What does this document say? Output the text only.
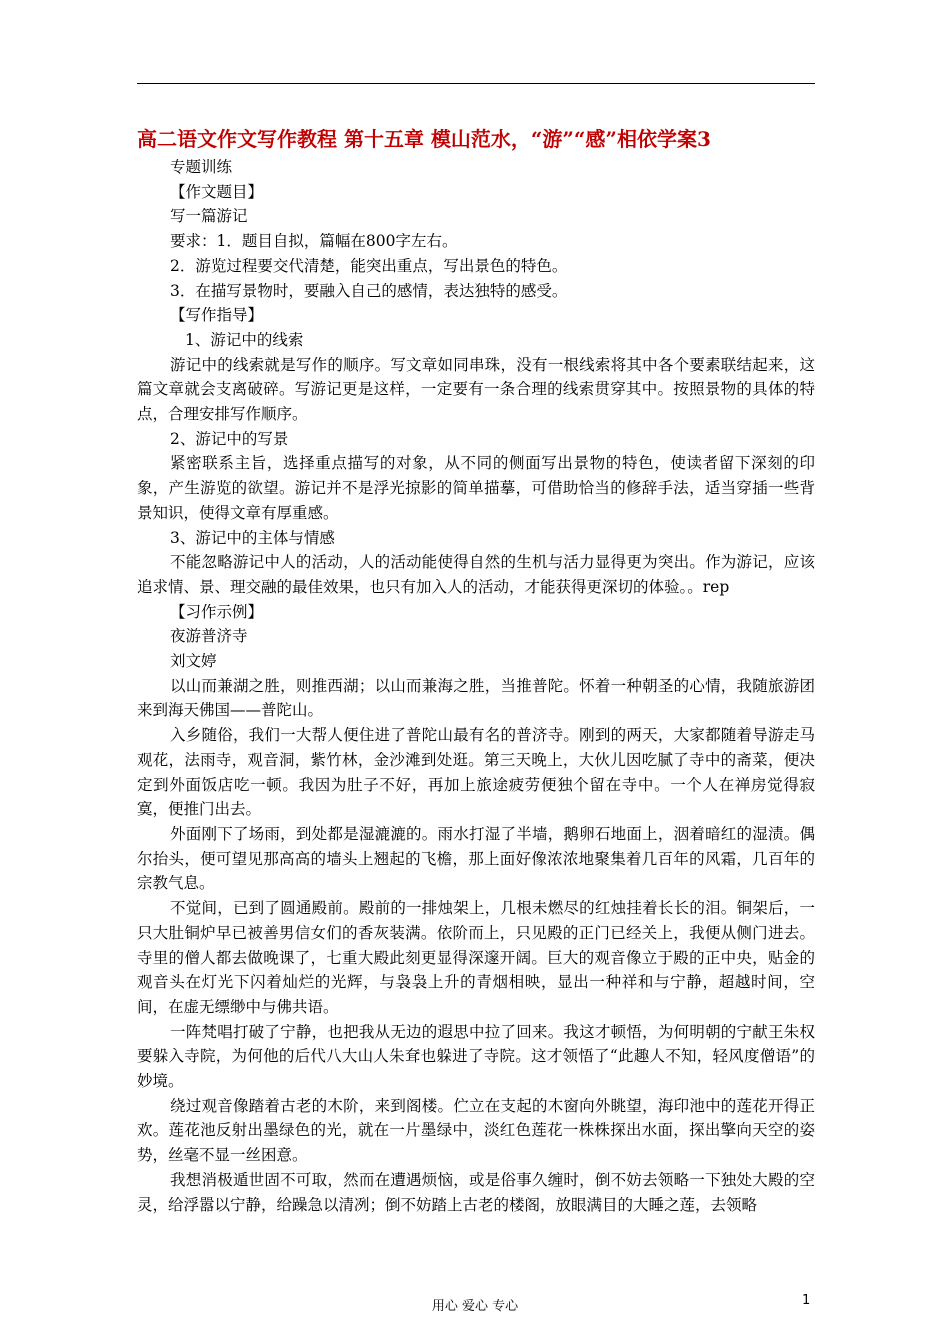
高二语文作文写作教程 第十五章 模山范水，“游”“感”相依学案3

专题训练

【作文题目】

写一篇游记

要求：1．题目自拟，篇幅在800字左右。

2．游览过程要交代清楚，能突出重点，写出景色的特色。

3．在描写景物时，要融入自己的感情，表达独特的感受。

【写作指导】

1、游记中的线索

游记中的线索就是写作的顺序。写文章如同串珠，没有一根线索将其中各个要素联结起来，这篇文章就会支离破碎。写游记更是这样，一定要有一条合理的线索贯穿其中。按照景物的具体的特点，合理安排写作顺序。

2、游记中的写景

紧密联系主旨，选择重点描写的对象，从不同的侧面写出景物的特色，使读者留下深刻的印象，产生游览的欲望。游记并不是浮光掠影的简单描摹，可借助恰当的修辞手法，适当穿插一些背景知识，使得文章有厚重感。

3、游记中的主体与情感

不能忽略游记中人的活动，人的活动能使得自然的生机与活力显得更为突出。作为游记，应该追求情、景、理交融的最佳效果，也只有加入人的活动，才能获得更深切的体验。。rep

【习作示例】

夜游普济寺

刘文婷

以山而兼湖之胜，则推西湖；以山而兼海之胜，当推普陀。怀着一种朝圣的心情，我随旅游团来到海天佛国——普陀山。

入乡随俗，我们一大帮人便住进了普陀山最有名的普济寺。刚到的两天，大家都随着导游走马观花，法雨寺，观音洞，紫竹林，金沙滩到处逛。第三天晚上，大伙儿因吃腻了寺中的斋菜，便决定到外面饭店吃一顿。我因为肚子不好，再加上旅途疲劳便独个留在寺中。一个人在禅房觉得寂寞，便推门出去。

外面刚下了场雨，到处都是湿漉漉的。雨水打湿了半墙，鹅卵石地面上，洇着暗红的湿渍。偶尔抬头，便可望见那高高的墙头上翘起的飞檐，那上面好像浓浓地聚集着几百年的风霜，几百年的宗教气息。

不觉间，已到了圆通殿前。殿前的一排烛架上，几根未燃尽的红烛挂着长长的泪。铜架后，一只大肚铜炉早已被善男信女们的香灰装满。依阶而上，只见殿的正门已经关上，我便从侧门进去。寺里的僧人都去做晚课了，七重大殿此刻更显得深邃开阔。巨大的观音像立于殿的正中央，贴金的观音头在灯光下闪着灿烂的光辉，与袅袅上升的青烟相映，显出一种祥和与宁静，超越时间，空间，在虚无缥缈中与佛共语。

一阵梵唱打破了宁静，也把我从无边的遐思中拉了回来。我这才顿悟，为何明朝的宁献王朱权要躲入寺院，为何他的后代八大山人朱耷也躲进了寺院。这才领悟了“此趣人不知，轻风度僧语”的妙境。

绕过观音像踏着古老的木阶，来到阁楼。伫立在支起的木窗向外眺望，海印池中的莲花开得正欢。莲花池反射出墨绿色的光，就在一片墨绿中，淡红色莲花一株株探出水面，探出擎向天空的姿势，丝毫不显一丝困意。

我想消极遁世固不可取，然而在遭遇烦恼，或是俗事久缠时，倒不妨去领略一下独处大殿的空灵，给浮嚣以宁静，给躁急以清冽；倒不妨踏上古老的楼阁，放眼满目的大睡之莲，去领略

用心 爱心 专心	1
